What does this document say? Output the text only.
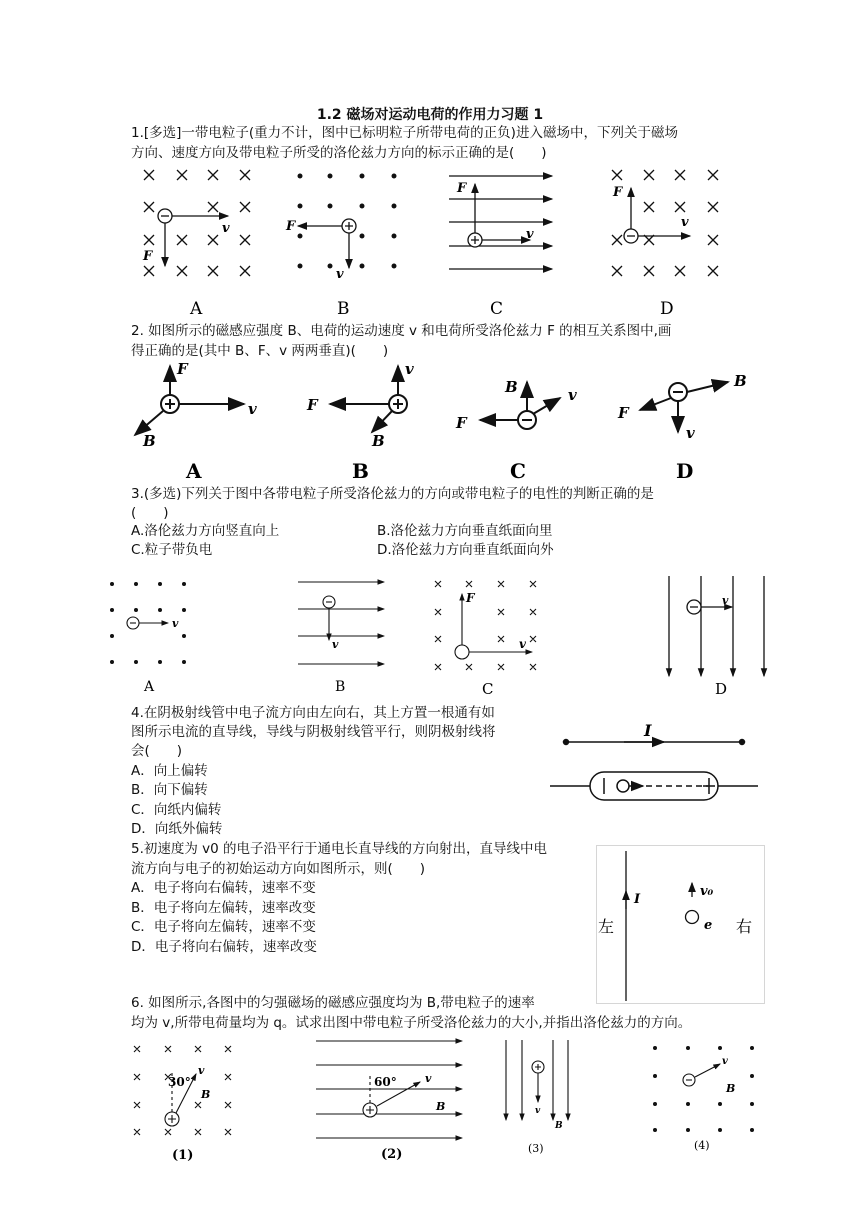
1.2 磁场对运动电荷的作用力习题 1
1.[多选]一带电粒子(重力不计，图中已标明粒子所带电荷的正负)进入磁场中，下列关于磁场
方向、速度方向及带电粒子所受的洛伦兹力方向的标示正确的是(　　)
v
F
A
F
v
B
F
v
C
F
v
D
2. 如图所示的磁感应强度 B、电荷的运动速度 v 和电荷所受洛伦兹力 F 的相互关系图中,画
得正确的是(其中 B、F、v 两两垂直)(　　)
F
v
B
A
v
F
B
B
B	v
F
C
B
F
v
D
3.(多选)下列关于图中各带电粒子所受洛伦兹力的方向或带电粒子的电性的判断正确的是
(　　)
A.洛伦兹力方向竖直向上	B.洛伦兹力方向垂直纸面向里
C.粒子带负电	D.洛伦兹力方向垂直纸面向外
v
A
v
B
F
v
C
v
D
4.在阴极射线管中电子流方向由左向右，其上方置一根通有如
图所示电流的直导线，导线与阴极射线管平行，则阴极射线将
会(　　)
A．向上偏转
B．向下偏转
C．向纸内偏转
D．向纸外偏转
I
5.初速度为 v0 的电子沿平行于通电长直导线的方向射出，直导线中电
流方向与电子的初始运动方向如图所示，则(　　)
A．电子将向右偏转，速率不变
B．电子将向左偏转，速率改变
C．电子将向左偏转，速率不变
D．电子将向右偏转，速率改变
I
v₀
e
左	右
6. 如图所示,各图中的匀强磁场的磁感应强度均为 B,带电粒子的速率
均为 v,所带电荷量均为 q。试求出图中带电粒子所受洛伦兹力的大小,并指出洛伦兹力的方向。
30°
v
B
(1)
60°	v
B
(2)
v
B
(3)
v
B
(4)
